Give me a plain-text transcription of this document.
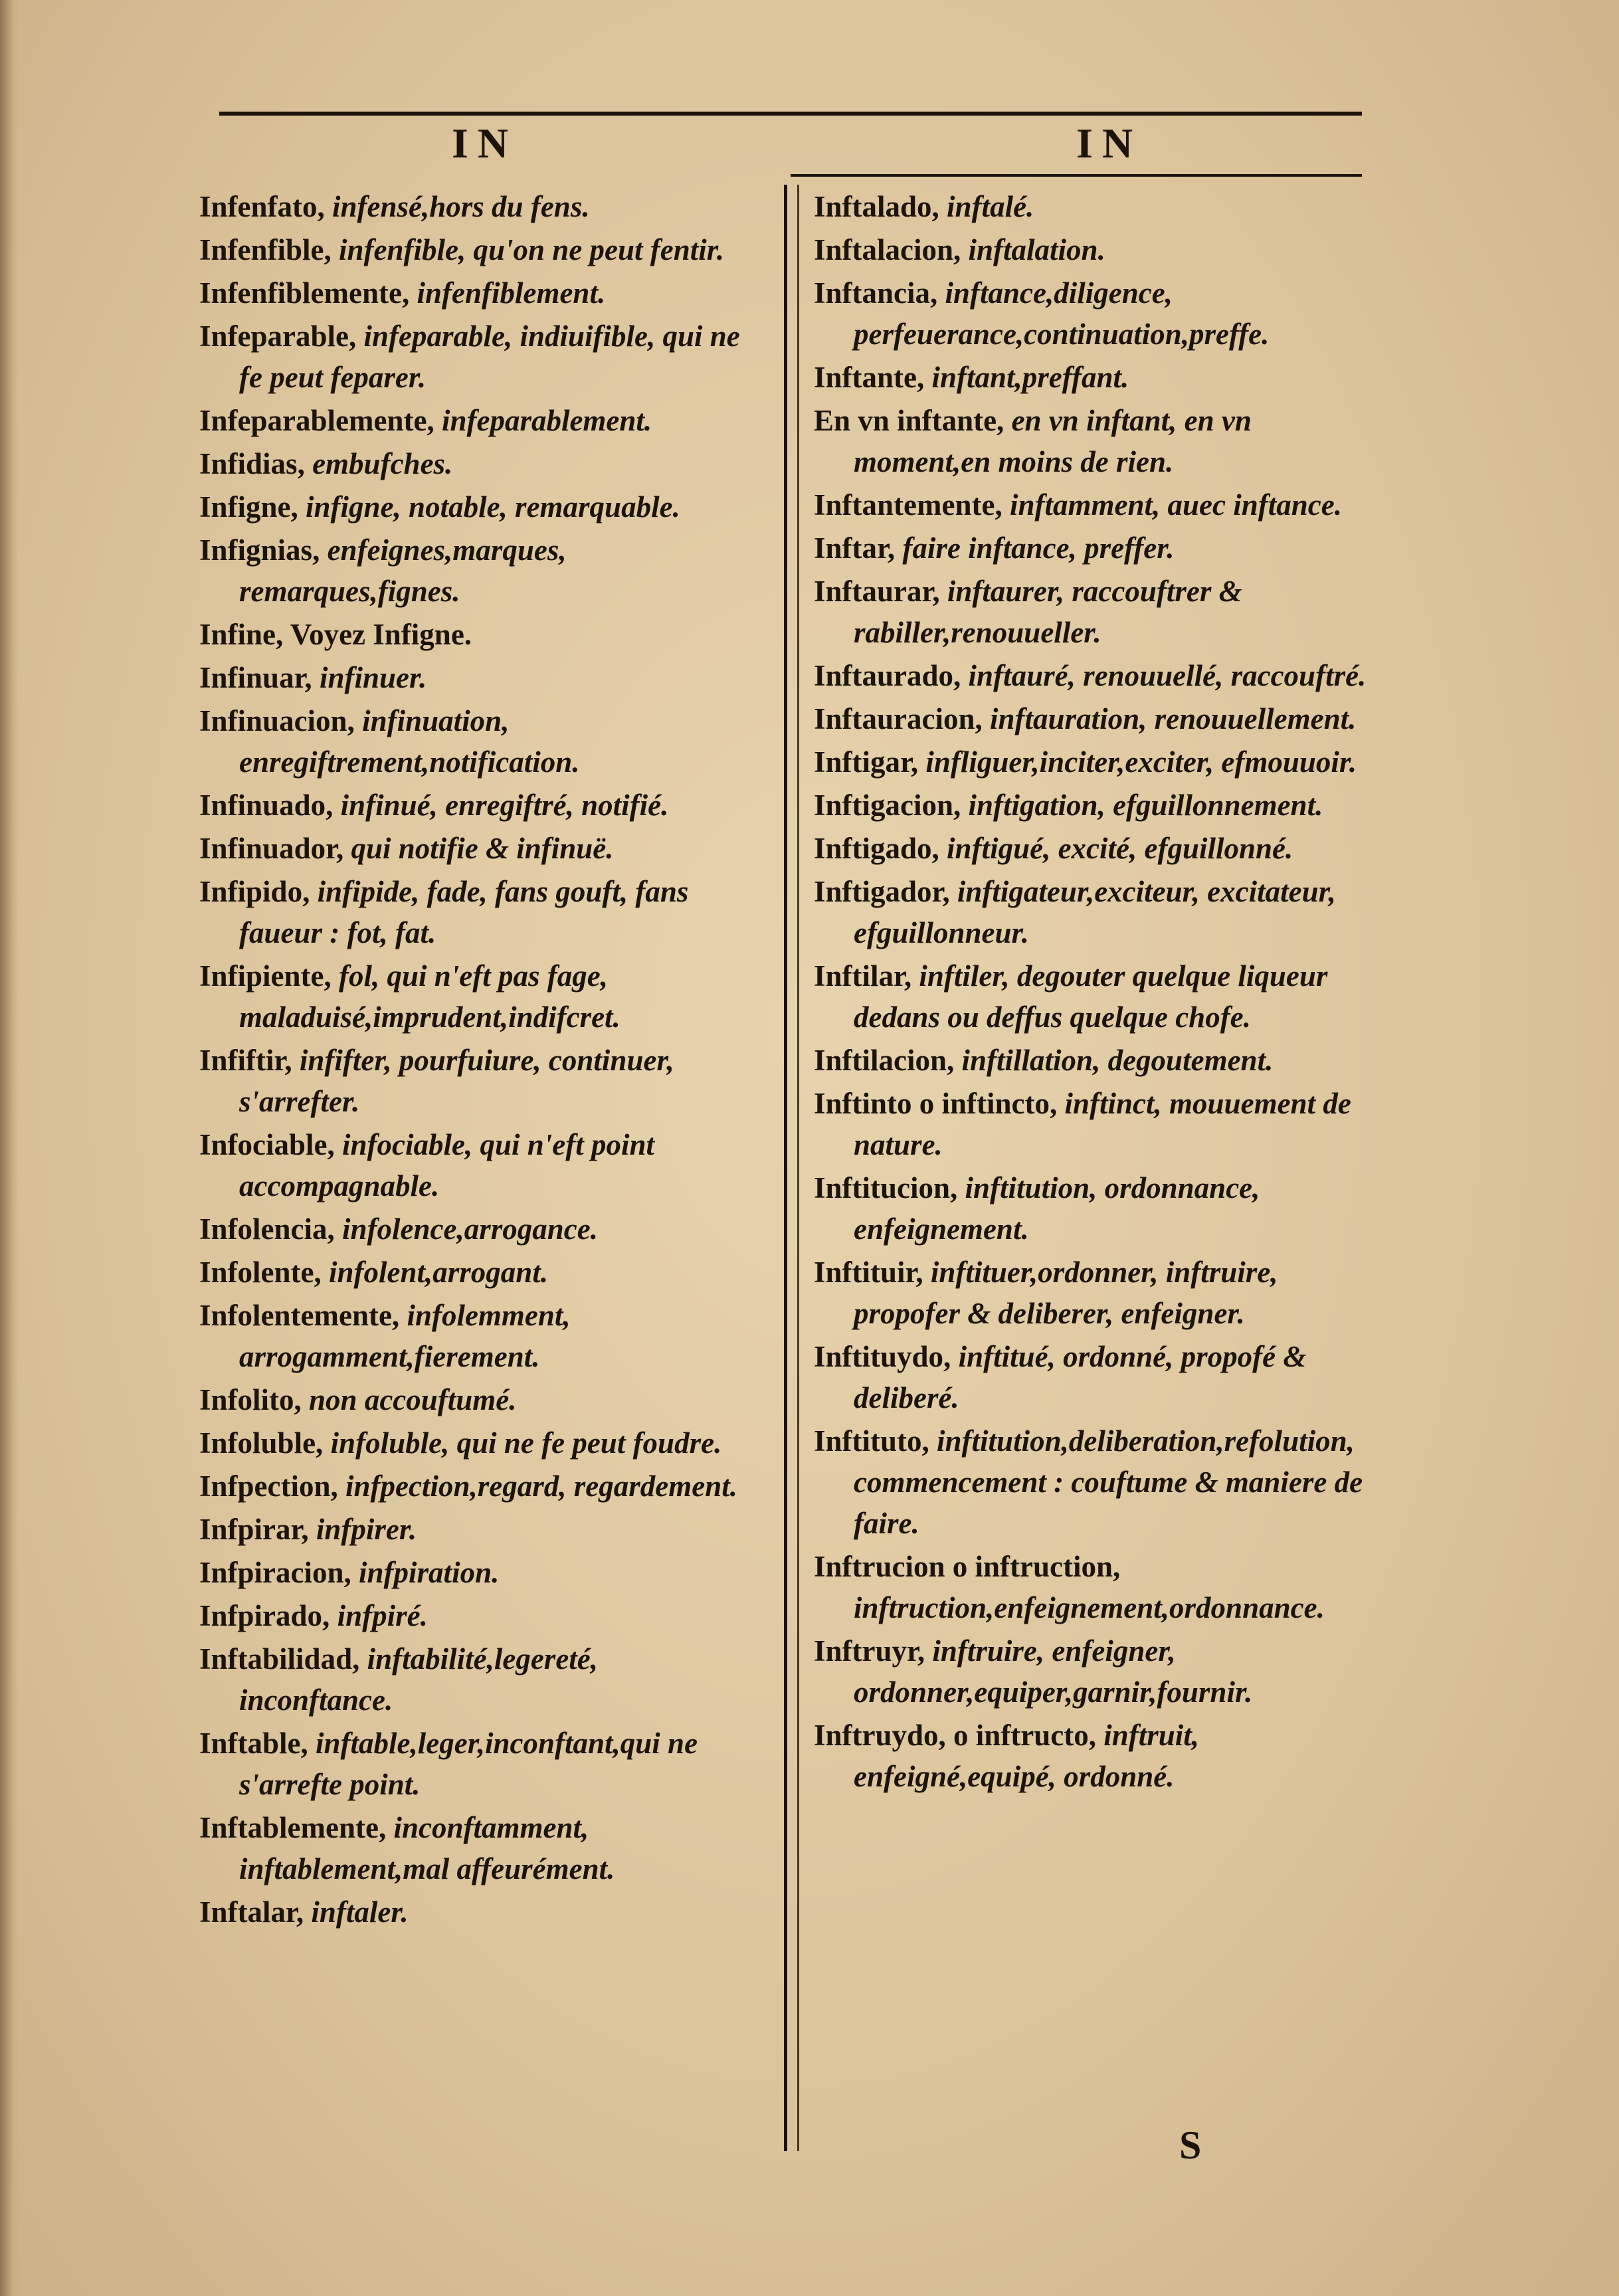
IN	IN
Infenfato, infensé,hors du fens.
Infenfible, infenfible, qu'on ne peut fentir.
Infenfiblemente, infenfiblement.
Infeparable, infeparable, indiuifible, qui ne fe peut feparer.
Infeparablemente, infeparablement.
Infidias, embufches.
Infigne, infigne, notable, remarquable.
Infignias, enfeignes,marques, remarques,fignes.
Infine, Voyez Infigne.
Infinuar, infinuer.
Infinuacion, infinuation, enregiftrement,notification.
Infinuado, infinué, enregiftré, notifié.
Infinuador, qui notifie & infinuë.
Infipido, infipide, fade, fans gouft, fans faueur : fot, fat.
Infipiente, fol, qui n'eft pas fage, maladuisé,imprudent,indifcret.
Infiftir, infifter, pourfuiure, continuer, s'arrefter.
Infociable, infociable, qui n'eft point accompagnable.
Infolencia, infolence,arrogance.
Infolente, infolent,arrogant.
Infolentemente, infolemment, arrogamment,fierement.
Infolito, non accouftumé.
Infoluble, infoluble, qui ne fe peut foudre.
Infpection, infpection,regard, regardement.
Infpirar, infpirer.
Infpiracion, infpiration.
Infpirado, infpiré.
Inftabilidad, inftabilité,legereté, inconftance.
Inftable, inftable,leger,inconftant,qui ne s'arrefte point.
Inftablemente, inconftamment, inftablement,mal affeurément.
Inftalar, inftaler.
Inftalado, inftalé.
Inftalacion, inftalation.
Inftancia, inftance,diligence, perfeuerance,continuation,preffe.
Inftante, inftant,preffant.
En vn inftante, en vn inftant, en vn moment,en moins de rien.
Inftantemente, inftamment, auec inftance.
Inftar, faire inftance, preffer.
Inftaurar, inftaurer, raccouftrer & rabiller,renouueller.
Inftaurado, inftauré, renouuellé, raccouftré.
Inftauracion, inftauration, renouuellement.
Inftigar, infliguer,inciter,exciter, efmouuoir.
Inftigacion, inftigation, efguillonnement.
Inftigado, inftigué, excité, efguillonné.
Inftigador, inftigateur,exciteur, excitateur, efguillonneur.
Inftilar, inftiler, degouter quelque liqueur dedans ou deffus quelque chofe.
Inftilacion, inftillation, degoutement.
Inftinto o inftincto, inftinct, mouuement de nature.
Inftitucion, inftitution, ordonnance, enfeignement.
Inftituir, inftituer,ordonner, inftruire, propofer & deliberer, enfeigner.
Inftituydo, inftitué, ordonné, propofé & deliberé.
Inftituto, inftitution,deliberation,refolution, commencement : couftume & maniere de faire.
Inftrucion o inftruction, inftruction,enfeignement,ordonnance.
Inftruyr, inftruire, enfeigner, ordonner,equiper,garnir,fournir.
Inftruydo, o inftructo, inftruit, enfeigné,equipé, ordonné.
S
